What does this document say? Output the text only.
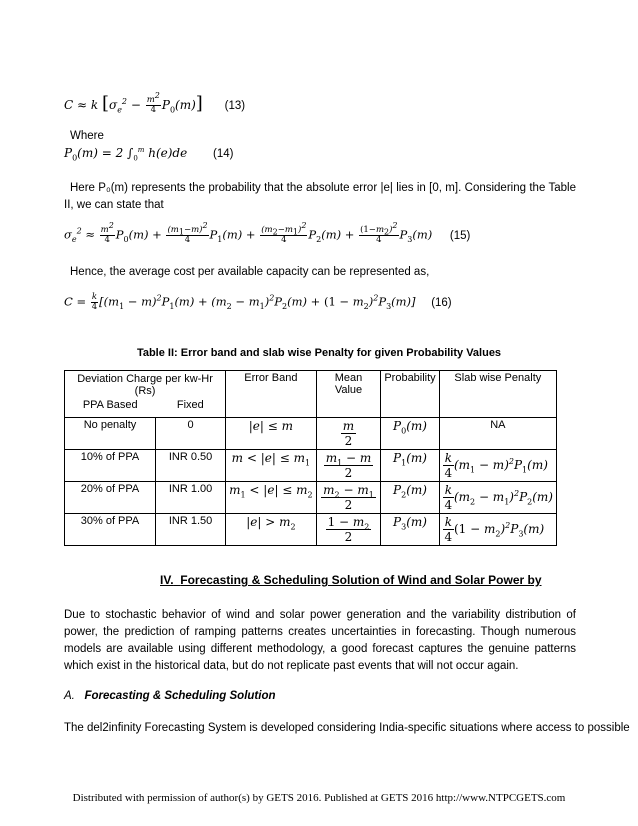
C ≈ k $[\sigma_e^2 - \frac{m^2}{4} P_0(m)]$ (13)
Where
$P_0(m) = 2$ $\int_0^m$ h(e)de (14)
Here P₀(m) represents the probability that the absolute error |e| lies in [0, m]. Considering the Table II, we can state that
$\sigma_e^2 \approx \frac{m^2}{4} P_0(m) + \frac{(m_1-m)^2}{4} P_1(m) + \frac{(m_2-m_1)^2}{4} P_2(m) + \frac{(1-m_2)^2}{4} P_3(m)$ (15)
Hence, the average cost per available capacity can be represented as,
$C = \frac{k}{4} [(m_1 - m)^2P_1(m) + (m_2 - m_1)^2P_2(m) + (1 - m_2)^2P_3(m)]$ (16)
Table II: Error band and slab wise Penalty for given Probability Values
Deviation Charge per kw-Hr (Rs)		Error Band	Mean Value	Probability	Slab wise Penalty
PPA Based	Fixed				
No penalty	0	|e| ≤ m	$\frac{m}{2}$	$P_0(m)$	NA
10% of PPA	INR 0.50	$m < |e| \le m_1$	$\frac{m_1 - m}{2}$	$P_1(m)$	$\frac{k}{4} (m_1 - m)^2P_1(m)$
20% of PPA	INR 1.00	$m_1 < |e| \le m_2$	$\frac{m_2 - m_1}{2}$	$P_2(m)$	$\frac{k}{4} (m_2 - m_1)^2P_2(m)$
30% of PPA	INR 1.50	$|e| > m_2$	$\frac{1 - m_2}{2}$	$P_3(m)$	$\frac{k}{4} (1 - m_2)^2P_3(m)$
IV. Forecasting & Scheduling Solution of Wind and Solar Power by
Due to stochastic behavior of wind and solar power generation and the variability distribution of power, the prediction of ramping patterns creates uncertainties in forecasting. Though numerous models are available using different methodology, a good forecast captures the genuine patterns which exist in the historical data, but do not replicate past events that will not occur again.
A. Forecasting & Scheduling Solution
The del2infinity Forecasting System is developed considering India-specific situations where access to possible
Distributed with permission of author(s) by GETS 2016. Published at GETS 2016 http://www.NTPCGETS.com
